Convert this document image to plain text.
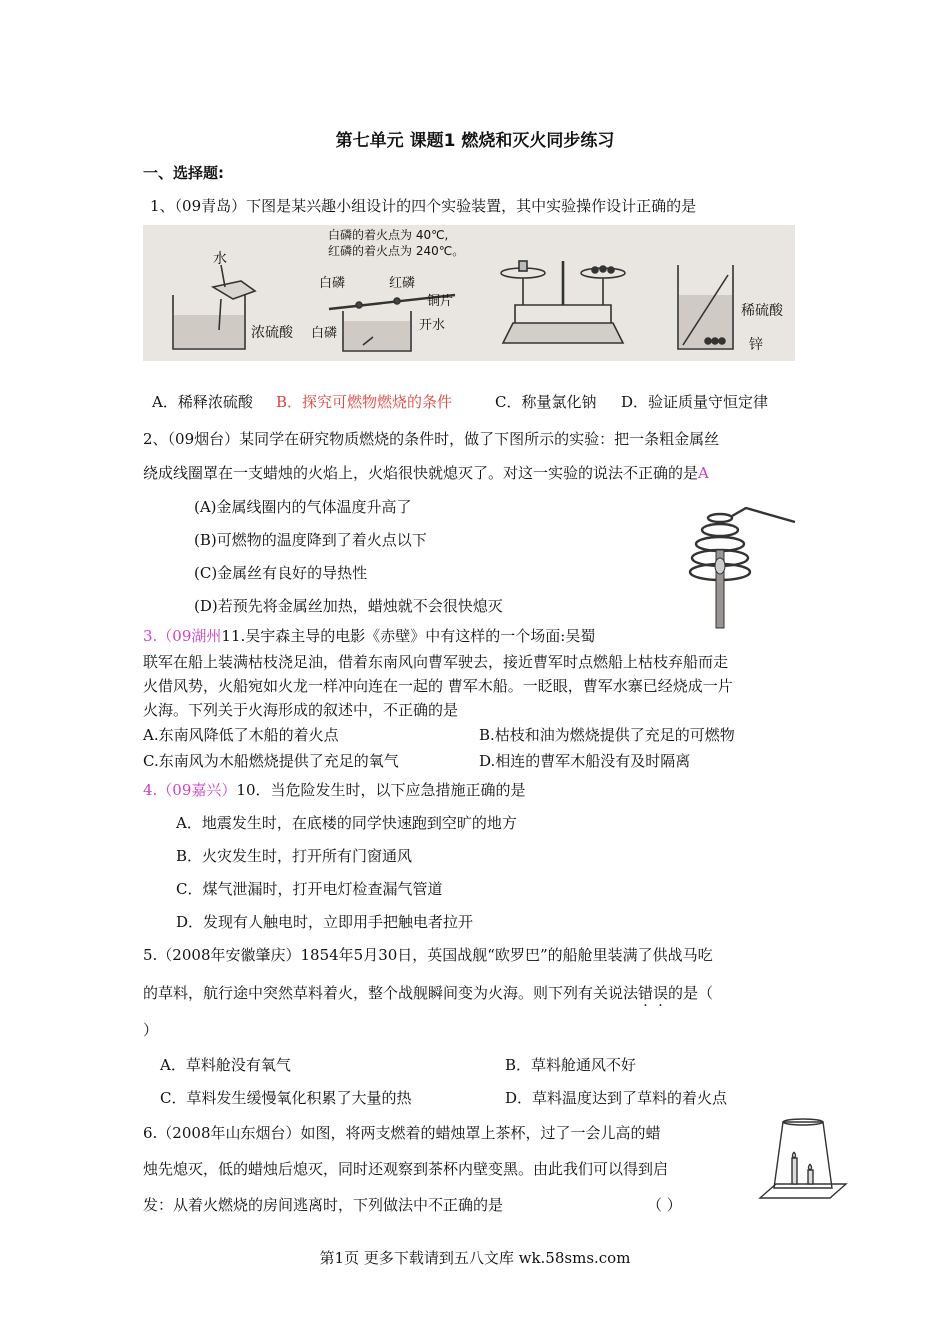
第七单元 课题1 燃烧和灭火同步练习
一、选择题:
1、（09青岛）下图是某兴趣小组设计的四个实验装置，其中实验操作设计正确的是
白磷的着火点为 40℃,
红磷的着火点为 240℃。
水
浓硫酸
白磷	红磷
铜片
白磷
开水
稀硫酸
锌
A．稀释浓硫酸 B．探究可燃物燃烧的条件	C．称量氯化钠 D．验证质量守恒定律
2、（09烟台）某同学在研究物质燃烧的条件时，做了下图所示的实验：把一条粗金属丝
绕成线圈罩在一支蜡烛的火焰上，火焰很快就熄灭了。对这一实验的说法不正确的是A
(A)金属线圈内的气体温度升高了
(B)可燃物的温度降到了着火点以下
(C)金属丝有良好的导热性
(D)若预先将金属丝加热，蜡烛就不会很快熄灭
3.（09湖州11.吴宇森主导的电影《赤壁》中有这样的一个场面:吴蜀
联军在船上装满枯枝浇足油，借着东南风向曹军驶去，接近曹军时点燃船上枯枝弃船而走
火借风势，火船宛如火龙一样冲向连在一起的 曹军木船。一眨眼，曹军水寨已经烧成一片
火海。下列关于火海形成的叙述中，不正确的是
A.东南风降低了木船的着火点	B.枯枝和油为燃烧提供了充足的可燃物
C.东南风为木船燃烧提供了充足的氧气	D.相连的曹军木船没有及时隔离
4.（09嘉兴）10．当危险发生时，以下应急措施正确的是
A．地震发生时，在底楼的同学快速跑到空旷的地方
B．火灾发生时，打开所有门窗通风
C．煤气泄漏时，打开电灯检查漏气管道
D．发现有人触电时，立即用手把触电者拉开
5.（2008年安徽肇庆）1854年5月30日，英国战舰“欧罗巴”的船舱里装满了供战马吃
的草料，航行途中突然草料着火，整个战舰瞬间变为火海。则下列有关说法错误的是（
）
A．草料舱没有氧气	B．草料舱通风不好
C．草料发生缓慢氧化积累了大量的热	D．草料温度达到了草料的着火点
6.（2008年山东烟台）如图，将两支燃着的蜡烛罩上茶杯，过了一会儿高的蜡
烛先熄灭，低的蜡烛后熄灭，同时还观察到茶杯内壁变黑。由此我们可以得到启
发：从着火燃烧的房间逃离时，下列做法中不正确的是	（ ）
第1页 更多下载请到五八文库 wk.58sms.com
